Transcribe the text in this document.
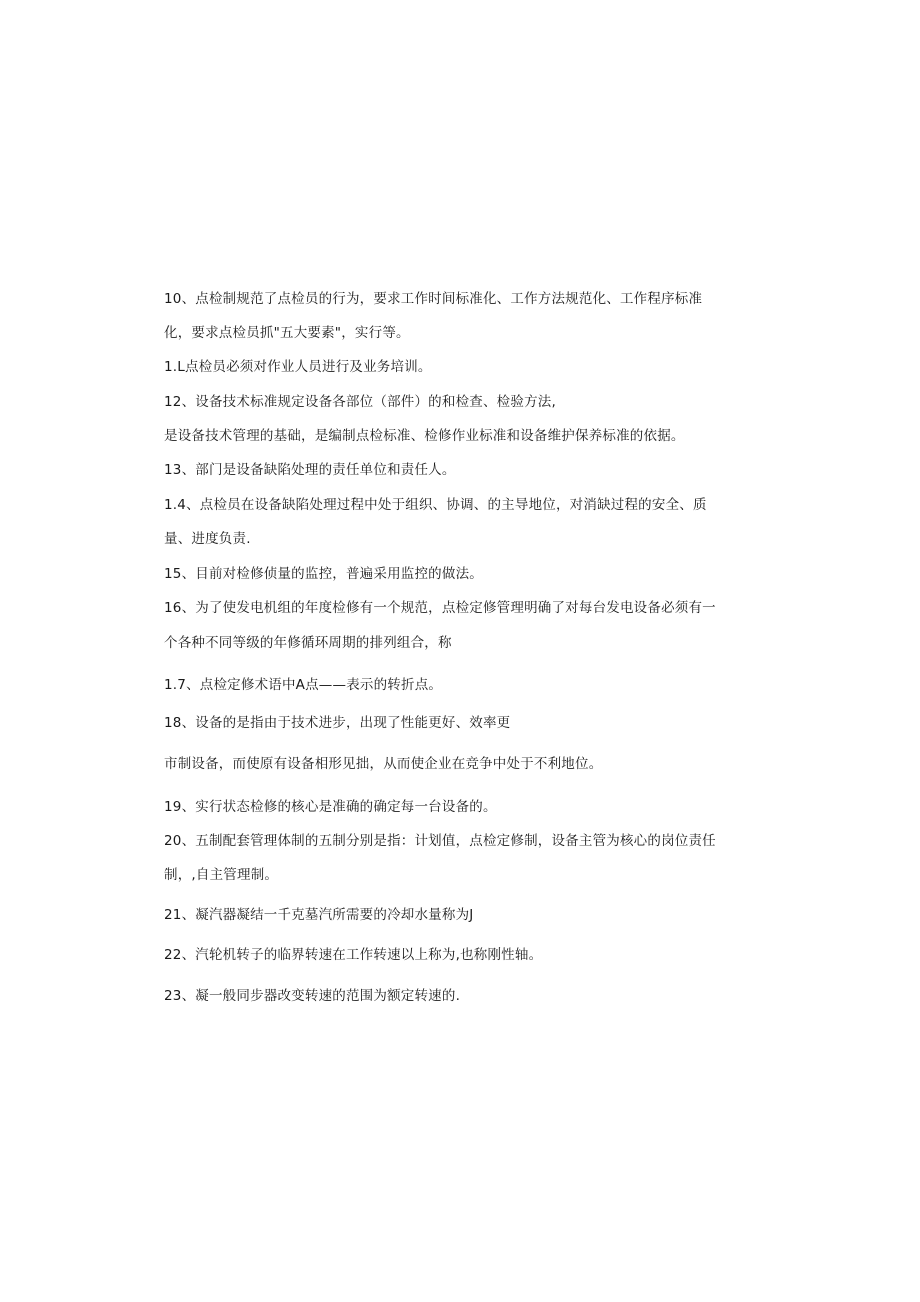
10、点检制规范了点检员的行为，要求工作时间标准化、工作方法规范化、工作程序标准
化，要求点检员抓"五大要素"，实行等。
1.L点检员必须对作业人员进行及业务培训。
12、设备技术标准规定设备各部位（部件）的和检查、检验方法,
是设备技术管理的基础，是编制点检标准、检修作业标准和设备维护保养标准的依据。
13、部门是设备缺陷处理的责任单位和责任人。
1.4、点检员在设备缺陷处理过程中处于组织、协调、的主导地位，对消缺过程的安全、质
量、进度负责.
15、目前对检修侦量的监控，普遍采用监控的做法。
16、为了使发电机组的年度检修有一个规范，点检定修管理明确了对每台发电设备必须有一
个各种不同等级的年修循环周期的排列组合，称
1.7、点检定修术语中A点——表示的转折点。
18、设备的是指由于技术进步，出现了性能更好、效率更
市制设备，而使原有设备相形见拙，从而使企业在竞争中处于不利地位。
19、实行状态检修的核心是准确的确定每一台设备的。
20、五制配套管理体制的五制分别是指：计划值，点检定修制，设备主管为核心的岗位责任
制，,自主管理制。
21、凝汽器凝结一千克墓汽所需要的冷却水量称为J
22、汽轮机转子的临界转速在工作转速以上称为,也称刚性轴。
23、凝一般同步器改变转速的范围为额定转速的.
